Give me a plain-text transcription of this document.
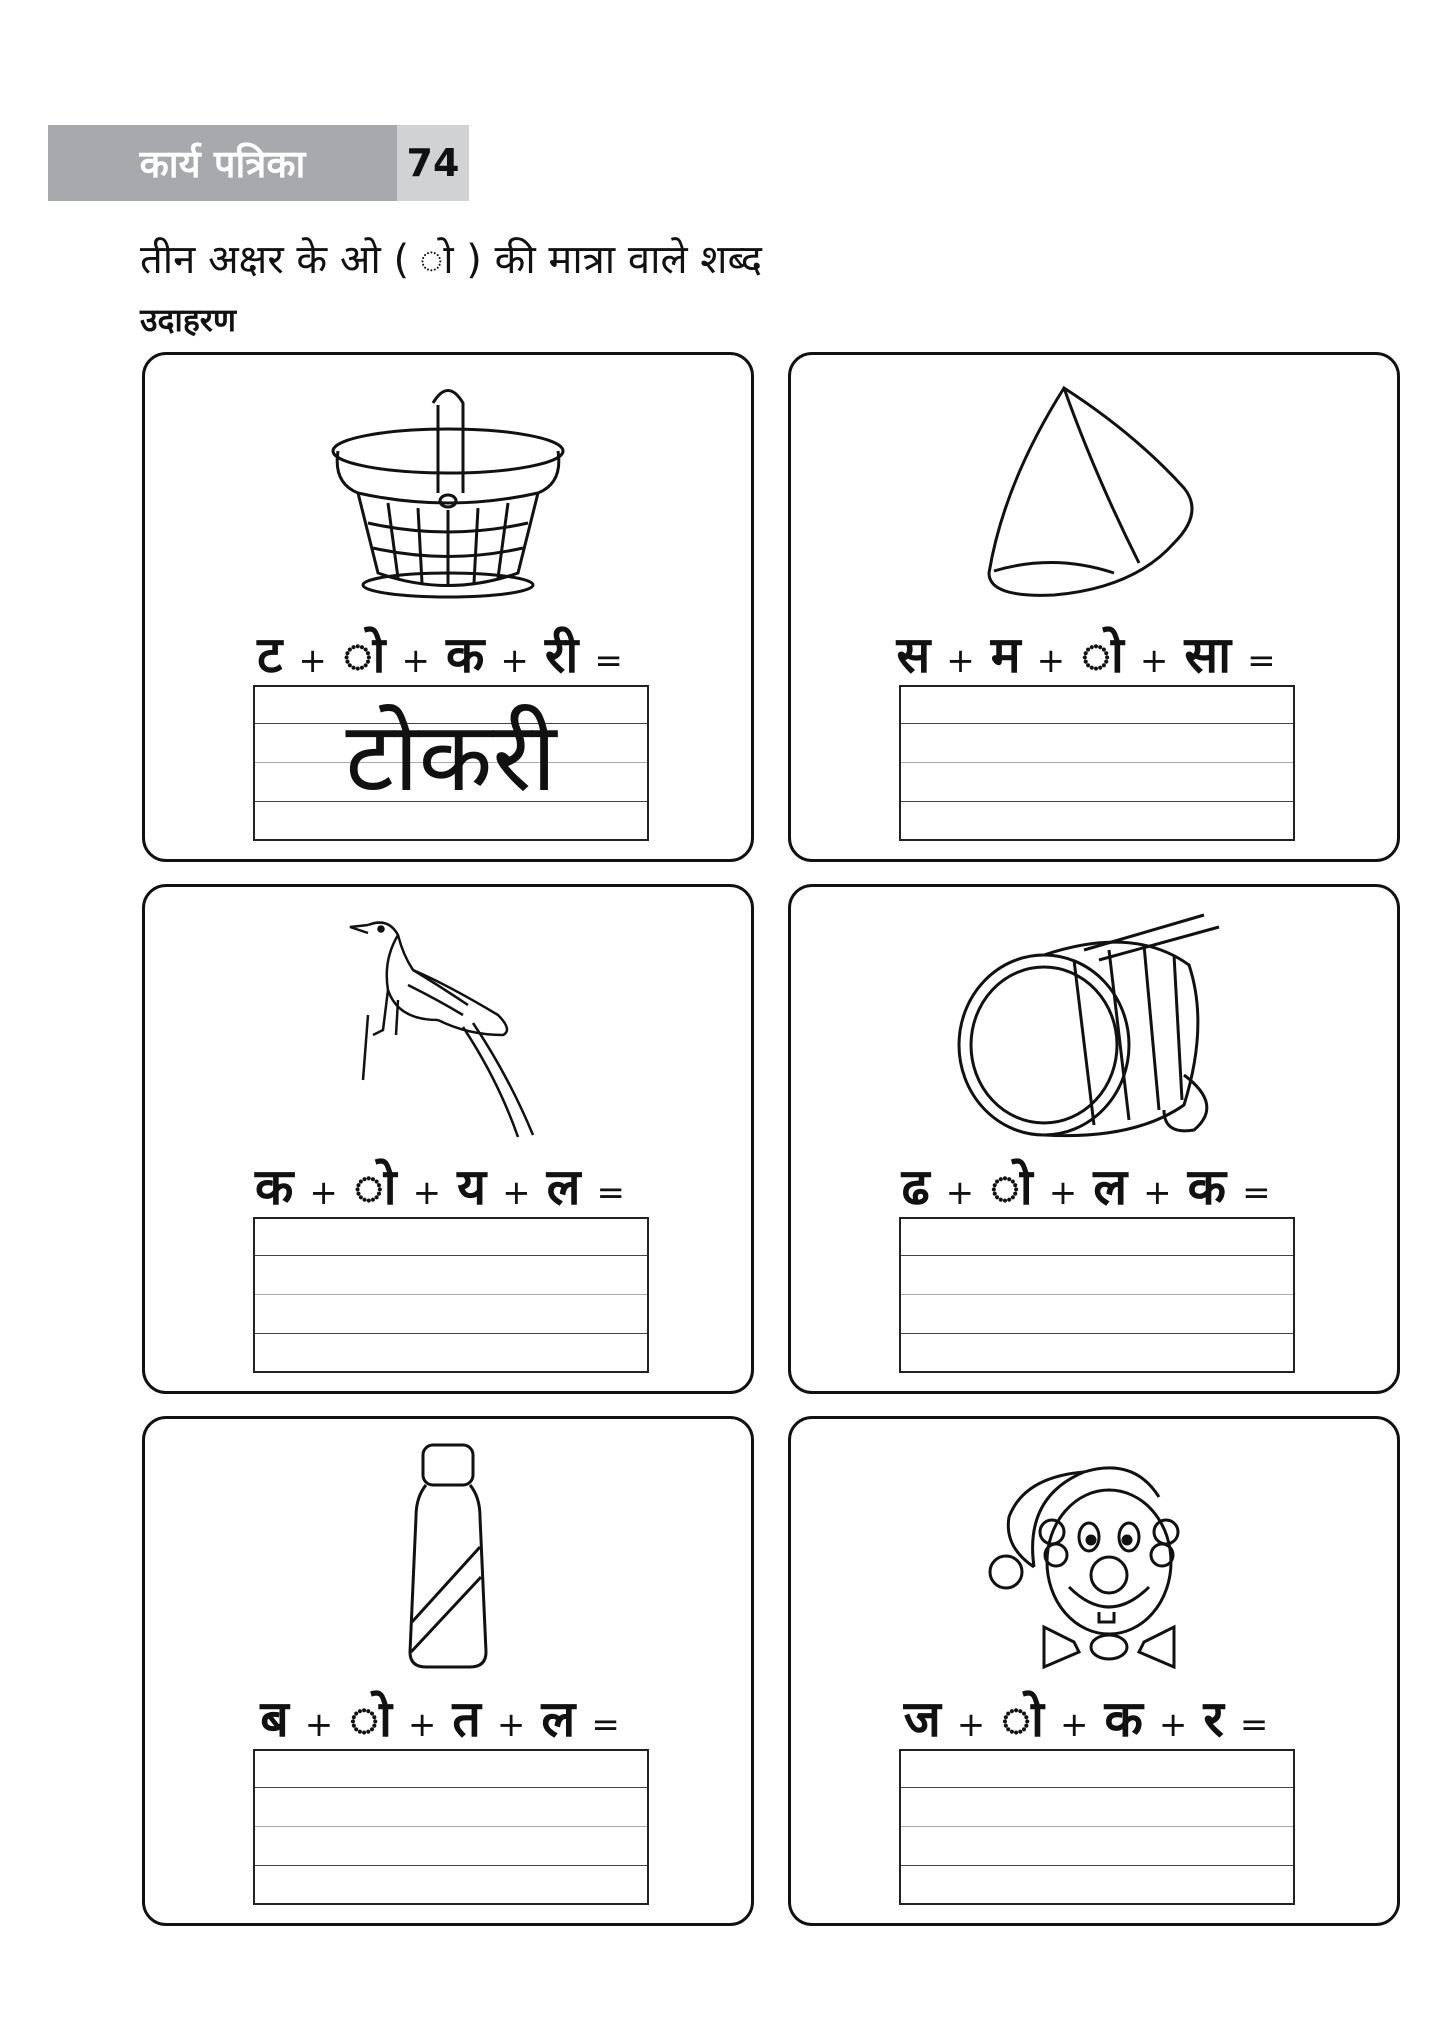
कार्य पत्रिका	74
तीन अक्षर के ओ ( ो ) की मात्रा वाले शब्द
उदाहरण
ट + ो + क + री =
टोकरी
स + म + ो + सा =
क + ो + य + ल =	ढ + ो + ल + क =
ब + ो + त + ल =	ज + ो + क + र =
